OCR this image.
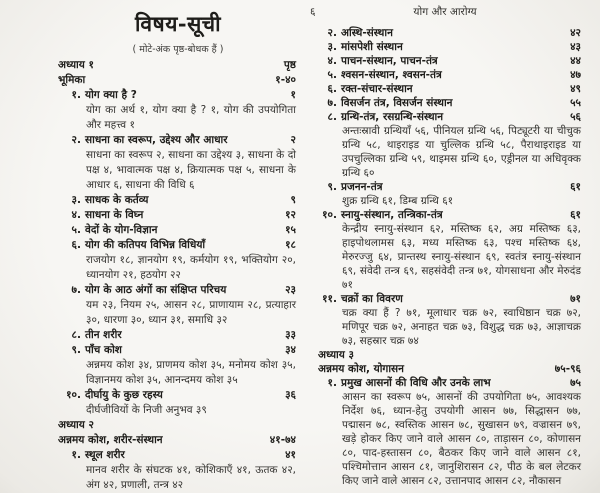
६	योग और आरोग्य
विषय-सूची
( मोटे-अंक पृष्ठ-बोधक हैं )
अध्याय १	पृष्ठ
भूमिका	१-४०
१. योग क्या है ?	१
योग का अर्थ १, योग क्या है ? १, योग की उपयोगिता और महत्त्व १
२. साधना का स्वरूप, उद्देश्य और आधार	२
साधना का स्वरूप २, साधना का उद्देश्य ३, साधना के दो पक्ष ४, भावात्मक पक्ष ४, क्रियात्मक पक्ष ५, साधना के आधार ६, साधना की विधि ६
३. साधक के कर्तव्य	९
४. साधना के विघ्न	१२
५. वेदों के योग-विज्ञान	१५
६. योग की कतिपय विभिन्न विधियाँ	१८
राजयोग १८, ज्ञानयोग १९, कर्मयोग १९, भक्तियोग २०, ध्यानयोग २१, हठयोग २२
७. योग के आठ अंगों का संक्षिप्त परिचय	२३
यम २३, नियम २५, आसन २८, प्राणायाम २८, प्रत्याहार ३०, धारणा ३०, ध्यान ३१, समाधि ३२
८. तीन शरीर	३३
९. पाँच कोश	३४
अन्नमय कोश ३४, प्राणमय कोश ३५, मनोमय कोश ३५, विज्ञानमय कोश ३५, आनन्दमय कोश ३५
१०. दीर्घायु के कुछ रहस्य	३६
दीर्घजीवियों के निजी अनुभव ३९
अध्याय २
अन्नमय कोश, शरीर-संस्थान	४१-७४
१. स्थूल शरीर	४१
मानव शरीर के संघटक ४१, कोशिकाएँ ४१, ऊतक ४२, अंग ४२, प्रणाली, तन्त्र ४२
२. अस्थि-संस्थान	४२
३. मांसपेशी संस्थान	४३
४. पाचन-संस्थान, पाचन-तंत्र	४४
५. श्वसन-संस्थान, श्वसन-तंत्र	४७
६. रक्त-संचार-संस्थान	४९
७. विसर्जन तंत्र, विसर्जन संस्थान	५५
८. ग्रन्थि-तंत्र, रसग्रन्थि-संस्थान	५६
अन्तःस्रावी ग्रन्थियाँ ५६, पीनियल ग्रन्थि ५६, पिट्यूटरी या चीचुक ग्रन्थि ५८, थाइराइड या चुल्लिक ग्रन्थि ५८, पैराथाइराइड या उपचुल्लिका ग्रन्थि ५९, थाइमस ग्रन्थि ६०, एड्रीनल या अधिवृक्क ग्रन्थि ६०
९. प्रजनन-तंत्र	६१
शुक्र ग्रन्थि ६१, डिम्ब ग्रन्थि ६१
१०. स्नायु-संस्थान, तन्त्रिका-तंत्र	६१
केन्द्रीय स्नायु-संस्थान ६२, मस्तिष्क ६२, अग्र मस्तिष्क ६३, हाइपोथलामस ६३, मध्य मस्तिष्क ६३, पश्च मस्तिष्क ६४, मेरुरज्जु ६४, प्रान्तस्थ स्नायु-संस्थान ६९, स्वतंत्र स्नायु-संस्थान ६९, संवेदी तन्त्र ६९, सहसंवेदी तन्त्र ७१, योगसाधना और मेरुदंड ७१
११. चक्रों का विवरण	७१
चक्र क्या हैं ? ७१, मूलाधार चक्र ७२, स्वाधिष्ठान चक्र ७२, मणिपूर चक्र ७२, अनाहत चक्र ७३, विशुद्ध चक्र ७३, आज्ञाचक्र ७३, सहस्रार चक्र ७४
अध्याय ३
अन्नमय कोश, योगासन	७५-९६
१. प्रमुख आसनों की विधि और उनके लाभ	७५
आसन का स्वरूप ७५, आसनों की उपयोगिता ७५, आवश्यक निर्देश ७६, ध्यान-हेतु उपयोगी आसन ७७, सिद्धासन ७७, पद्मासन ७८, स्वस्तिक आसन ७८, सुखासन ७९, वज्रासन ७९, खड़े होकर किए जाने वाले आसन ८०, ताड़ासन ८०, कोणासन ८०, पाद-हस्तासन ८०, बैठकर किए जाने वाले आसन ८१, पश्चिमोत्तान आसन ८१, जानुशिरासन ८२, पीठ के बल लेटकर किए जाने वाले आसन ८२, उत्तानपाद आसन ८२, नौकासन
